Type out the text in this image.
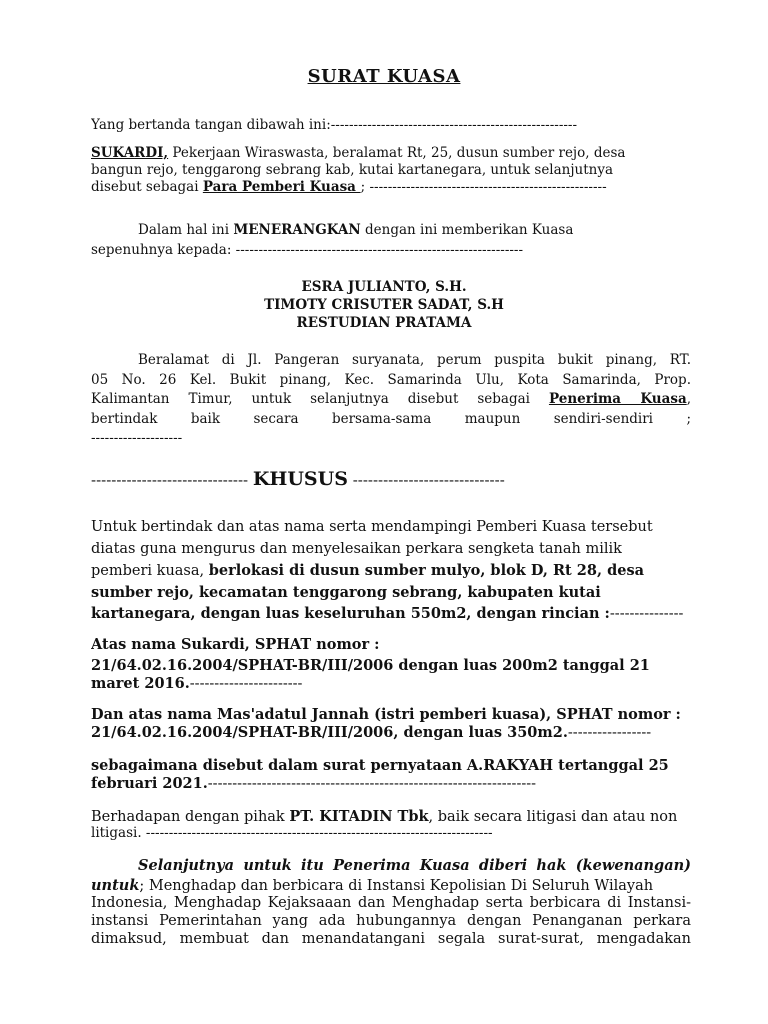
SURAT KUASA
Yang bertanda tangan dibawah ini:------------------------------------------------------
SUKARDI, Pekerjaan Wiraswasta, beralamat Rt, 25, dusun sumber rejo, desa
bangun rejo, tenggarong sebrang kab, kutai kartanegara, untuk selanjutnya
disebut sebagai Para Pemberi Kuasa ; ----------------------------------------------------
Dalam hal ini MENERANGKAN dengan ini memberikan Kuasa
sepenuhnya kepada: ---------------------------------------------------------------
ESRA JULIANTO, S.H.
TIMOTY CRISUTER SADAT, S.H
RESTUDIAN PRATAMA
Beralamat di Jl. Pangeran suryanata, perum puspita bukit pinang, RT.
05 No. 26 Kel. Bukit pinang, Kec. Samarinda Ulu, Kota Samarinda, Prop.
Kalimantan Timur, untuk selanjutnya disebut sebagai Penerima Kuasa,
bertindak baik secara bersama-sama maupun sendiri-sendiri ;
--------------------
------------------------------- KHUSUS ------------------------------
Untuk bertindak dan atas nama serta mendampingi Pemberi Kuasa tersebut
diatas guna mengurus dan menyelesaikan perkara sengketa tanah milik
pemberi kuasa, berlokasi di dusun sumber mulyo, blok D, Rt 28, desa
sumber rejo, kecamatan tenggarong sebrang, kabupaten kutai
kartanegara, dengan luas keseluruhan 550m2, dengan rincian :---------------
Atas nama Sukardi, SPHAT nomor :
21/64.02.16.2004/SPHAT-BR/III/2006 dengan luas 200m2 tanggal 21
maret 2016.-----------------------
Dan atas nama Mas'adatul Jannah (istri pemberi kuasa), SPHAT nomor :
21/64.02.16.2004/SPHAT-BR/III/2006, dengan luas 350m2.-----------------
sebagaimana disebut dalam surat pernyataan A.RAKYAH tertanggal 25
februari 2021.-------------------------------------------------------------------
Berhadapan dengan pihak PT. KITADIN Tbk, baik secara litigasi dan atau non
litigasi. ----------------------------------------------------------------------------
Selanjutnya untuk itu Penerima Kuasa diberi hak (kewenangan)
untuk; Menghadap dan berbicara di Instansi Kepolisian Di Seluruh Wilayah
Indonesia, Menghadap Kejaksaaan dan Menghadap serta berbicara di Instansi-
instansi Pemerintahan yang ada hubungannya dengan Penanganan perkara
dimaksud, membuat dan menandatangani segala surat-surat, mengadakan
